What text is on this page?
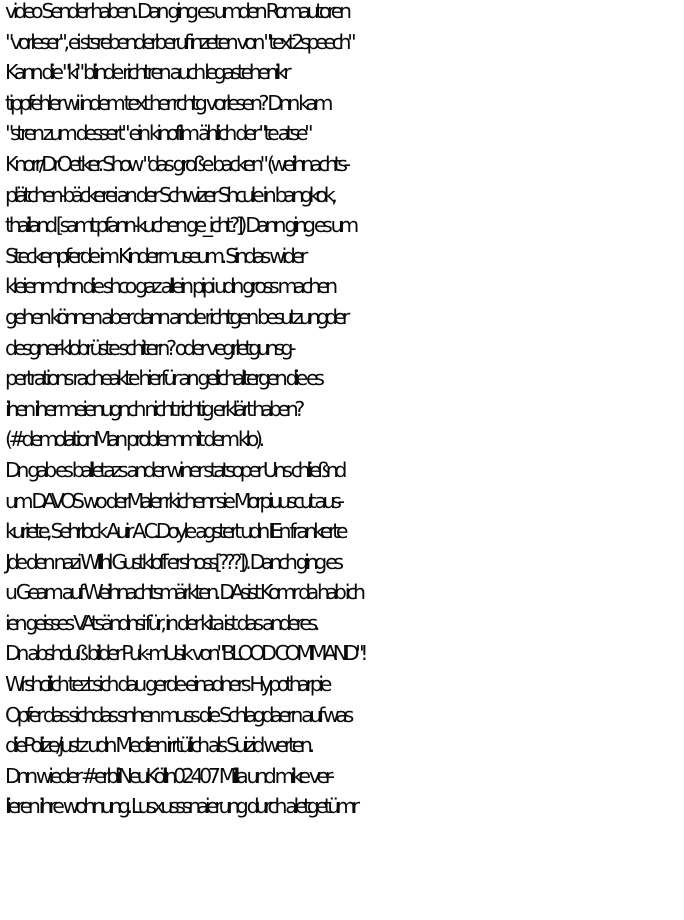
video Sender haben. Dan ging es umden Romautoren
"vorleser", ei stsrebenderberuf inzeten von "text2speech"
Kann die "ki" blinde richtren auch legastehenikr
tippfehler wi indem text her rchtg vorlesen? Dnn kam
"stren zum dessert" ein kinofilm ählich der "te atse"
Knorr/DrOetker. Show "das große backen" (weihnachts-
plätchen-bäckerei an der Schwizer Shcule in bangkok,
thailand [samt pfann-kuchen ge_icht?]) Dann ging es um
Steckenpferde im Kindermuseum. Sindas wider
kleienmchn die shco gaz allein pipi udn gross machen
gehen können aber dann ande richtgen besutzungder
desgner-klobrüste schitern? oder vegrletgunsg-
pertrations racheakte hierfür an gelichaltergen die es
ihen iher meienugnch nicht richtig erklärt haben?
(#demolationMan problemmit dem klo).
Dn gab es balletazs ander winer statsoper Uns chließnd
um DAVOS wo derMaler rkichenr sie Morpiuuscut aus-
kuriete, Sehrlock Auir A.C.Doyle agstert udn IEn frankerte
Jde den nazi WIlhl Gustkloff ershoss[???]). Danch ging es
u Geam auf Weihnachtsmärkten. DAsist Komr da hab ich
ien geisses VAtsändnsi für, in der kita ist das anderes.
Dn abshcluß bilder Puk-mUsik von"BLOOD COMMAND"!
Wrshcilich tezt sich dau gerde einadners Hypotharpie
Opfer das sichdas snhen muss die Schlagdaern auf was
diePolize/justz udn Medien irrtülich als Suizid werten.
Dnn wieder #erbliNeuKölln02407 Milla und mike ver-
lieren ihre wohnung. Lusxusssnaierung durch aletgetümr
